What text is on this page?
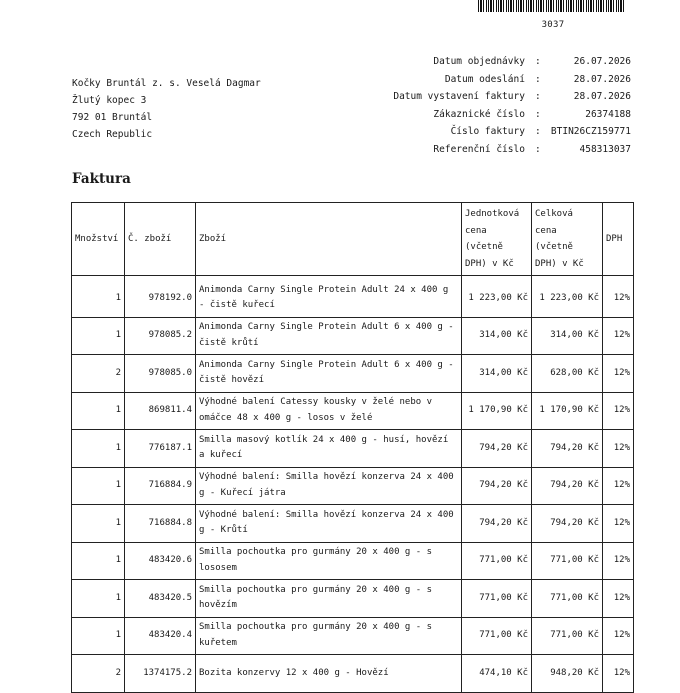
3037
Kočky Bruntál z. s. Veselá Dagmar
Žlutý kopec 3
792 01 Bruntál
Czech Republic
Datum objednávky	:	26.07.2026
Datum odeslání	:	28.07.2026
Datum vystavení faktury	:	28.07.2026
Zákaznické číslo	:	26374188
Číslo faktury	:	BTIN26CZ159771
Referenční číslo	:	458313037
Faktura
Množství	Č. zboží	Zboží	Jednotková cena (včetně DPH) v Kč	Celková cena (včetně DPH) v Kč	DPH
1	978192.0	Animonda Carny Single Protein Adult 24 x 400 g - čistě kuřecí	1 223,00 Kč	1 223,00 Kč	12%
1	978085.2	Animonda Carny Single Protein Adult 6 x 400 g - čistě krůtí	314,00 Kč	314,00 Kč	12%
2	978085.0	Animonda Carny Single Protein Adult 6 x 400 g - čistě hovězí	314,00 Kč	628,00 Kč	12%
1	869811.4	Výhodné balení Catessy kousky v želé nebo v omáčce 48 x 400 g - losos v želé	1 170,90 Kč	1 170,90 Kč	12%
1	776187.1	Smilla masový kotlík 24 x 400 g - husí, hovězí a kuřecí	794,20 Kč	794,20 Kč	12%
1	716884.9	Výhodné balení: Smilla hovězí konzerva 24 x 400 g - Kuřecí játra	794,20 Kč	794,20 Kč	12%
1	716884.8	Výhodné balení: Smilla hovězí konzerva 24 x 400 g - Krůtí	794,20 Kč	794,20 Kč	12%
1	483420.6	Smilla pochoutka pro gurmány 20 x 400 g - s lososem	771,00 Kč	771,00 Kč	12%
1	483420.5	Smilla pochoutka pro gurmány 20 x 400 g - s hovězím	771,00 Kč	771,00 Kč	12%
1	483420.4	Smilla pochoutka pro gurmány 20 x 400 g - s kuřetem	771,00 Kč	771,00 Kč	12%
2	1374175.2	Bozita konzervy 12 x 400 g - Hovězí	474,10 Kč	948,20 Kč	12%
